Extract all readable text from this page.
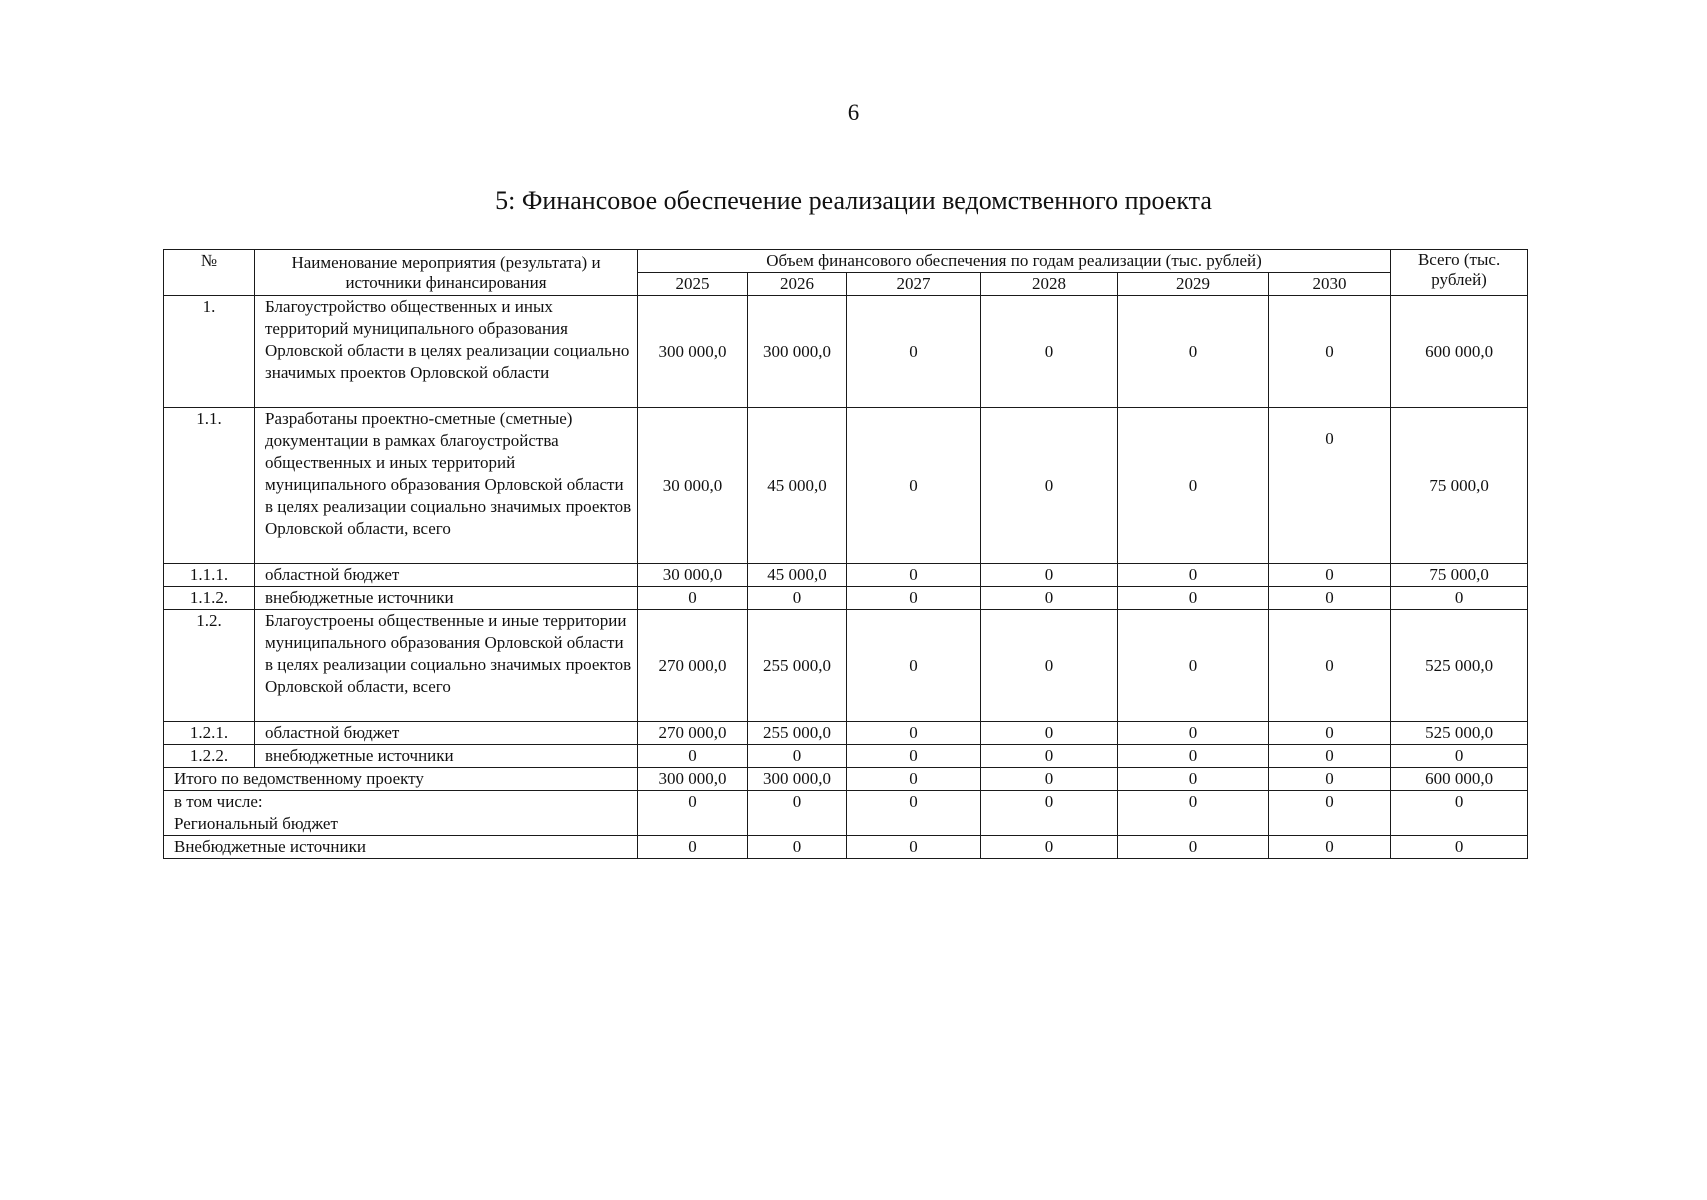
6
5: Финансовое обеспечение реализации ведомственного проекта
№	Наименование мероприятия (результата) и источники финансирования	Объем финансового обеспечения по годам реализации (тыс. рублей)						Всего (тыс. рублей)
		2025	2026	2027	2028	2029	2030	
1.	Благоустройство общественных и иных территорий муниципального образования Орловской области в целях реализации социально значимых проектов Орловской области	300 000,0	300 000,0	0	0	0	0	600 000,0
1.1.	Разработаны проектно-сметные (сметные) документации в рамках благоустройства общественных и иных территорий муниципального образования Орловской области в целях реализации социально значимых проектов Орловской области, всего	30 000,0	45 000,0	0	0	0	0	75 000,0
1.1.1.	областной бюджет	30 000,0	45 000,0	0	0	0	0	75 000,0
1.1.2.	внебюджетные источники	0	0	0	0	0	0	0
1.2.	Благоустроены общественные и иные территории муниципального образования Орловской области в целях реализации социально значимых проектов Орловской области, всего	270 000,0	255 000,0	0	0	0	0	525 000,0
1.2.1.	областной бюджет	270 000,0	255 000,0	0	0	0	0	525 000,0
1.2.2.	внебюджетные источники	0	0	0	0	0	0	0
Итого по ведомственному проекту		300 000,0	300 000,0	0	0	0	0	600 000,0

в том числе:
Региональный бюджет		0	0	0	0	0	0	0
Внебюджетные источники		0	0	0	0	0	0	0
